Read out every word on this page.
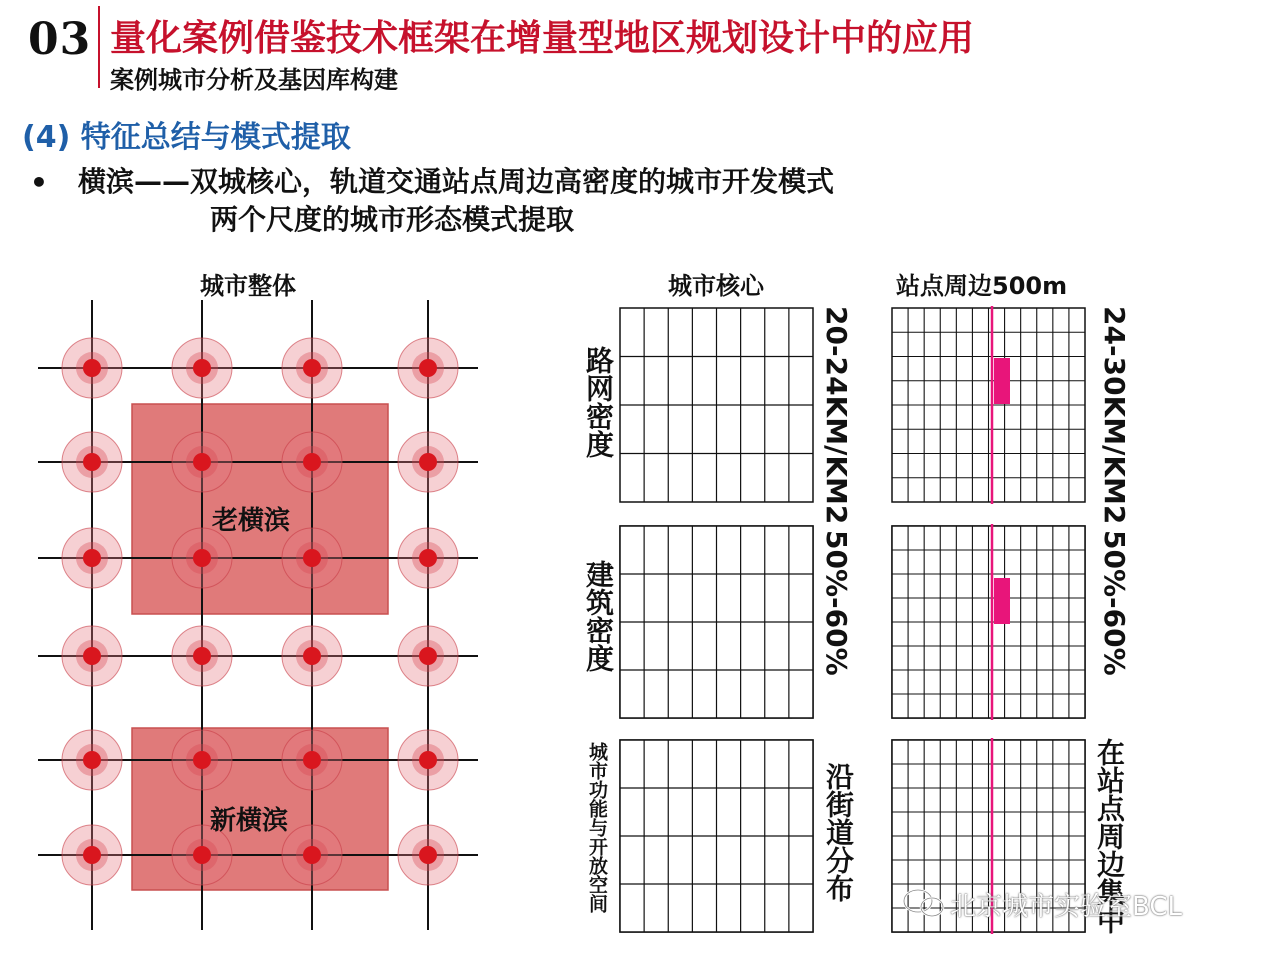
03 量化案例借鉴技术框架在增量型地区规划设计中的应用
案例城市分析及基因库构建
(4) 特征总结与模式提取
• 横滨——双城核心，轨道交通站点周边高密度的城市开发模式
两个尺度的城市形态模式提取
城市整体
老横滨
新横滨
城市核心	站点周边500m
路网密度
建筑密度
城市功能与开放空间
20-24KM/KM2
50%-60%
沿街道分布
24-30KM/KM2
50%-60%
在站点周边集中
北京城市实验室BCL
